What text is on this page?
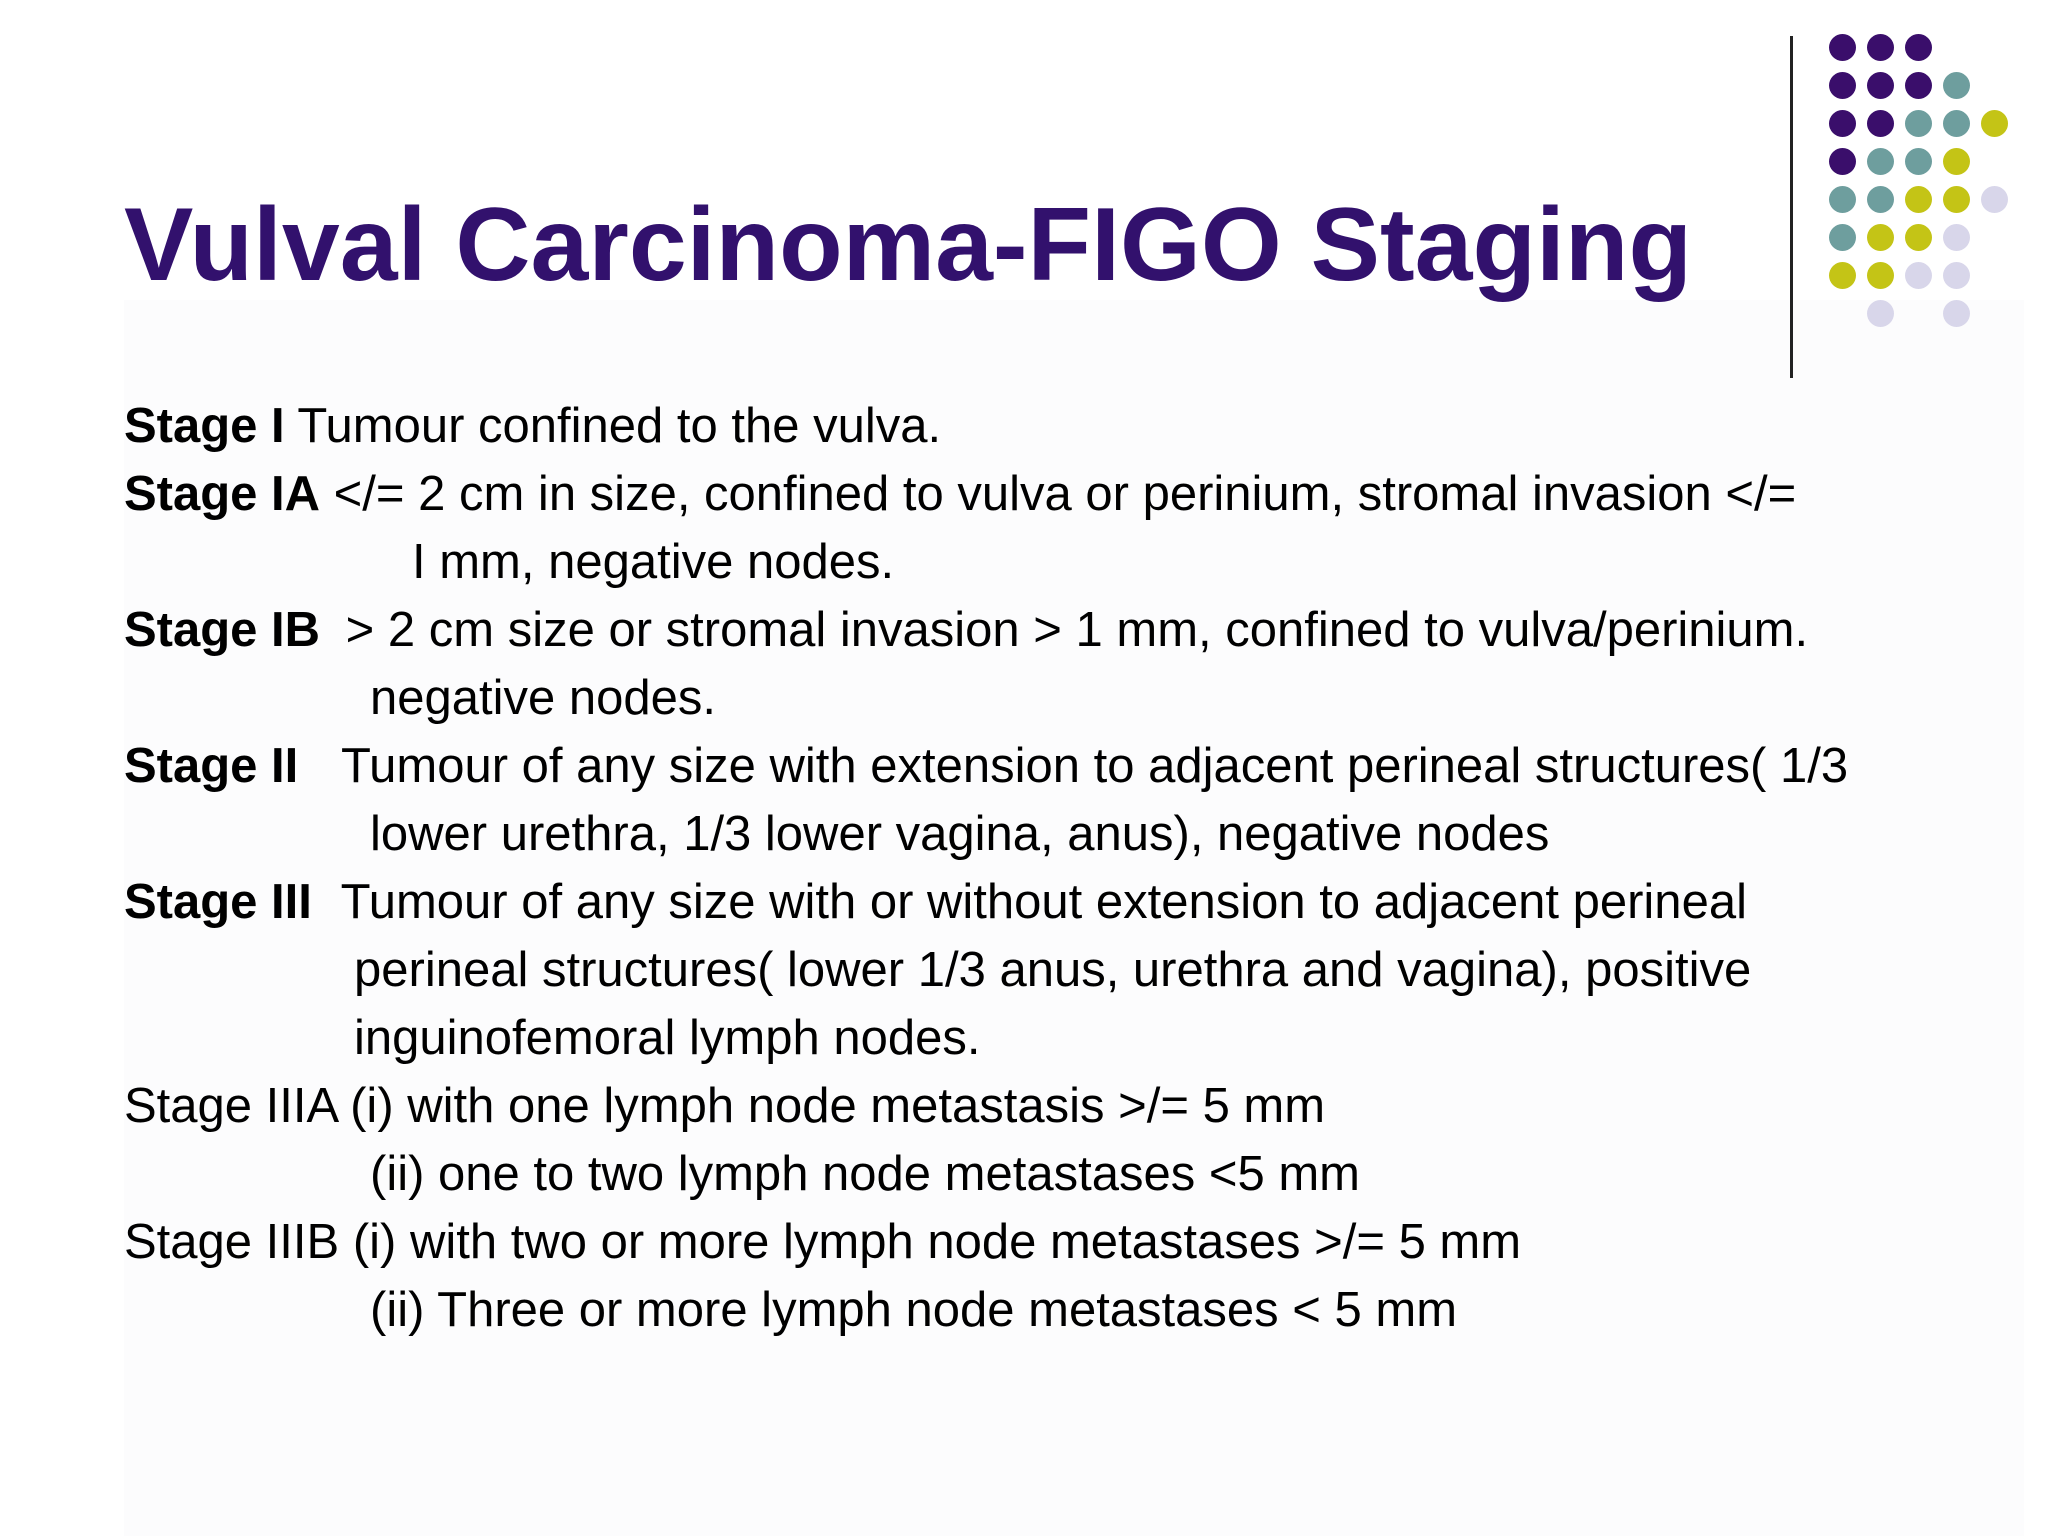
Vulval Carcinoma-FIGO Staging
Stage I Tumour confined to the vulva.
Stage IA </= 2 cm in size, confined to vulva or perinium, stromal invasion </=
I mm, negative nodes.
Stage IB > 2 cm size or stromal invasion > 1 mm, confined to vulva/perinium.
negative nodes.
Stage II Tumour of any size with extension to adjacent perineal structures( 1/3
lower urethra, 1/3 lower vagina, anus), negative nodes
Stage III Tumour of any size with or without extension to adjacent perineal
perineal structures( lower 1/3 anus, urethra and vagina), positive
inguinofemoral lymph nodes.
Stage IIIA (i) with one lymph node metastasis >/= 5 mm
(ii) one to two lymph node metastases <5 mm
Stage IIIB (i) with two or more lymph node metastases >/= 5 mm
(ii) Three or more lymph node metastases < 5 mm
